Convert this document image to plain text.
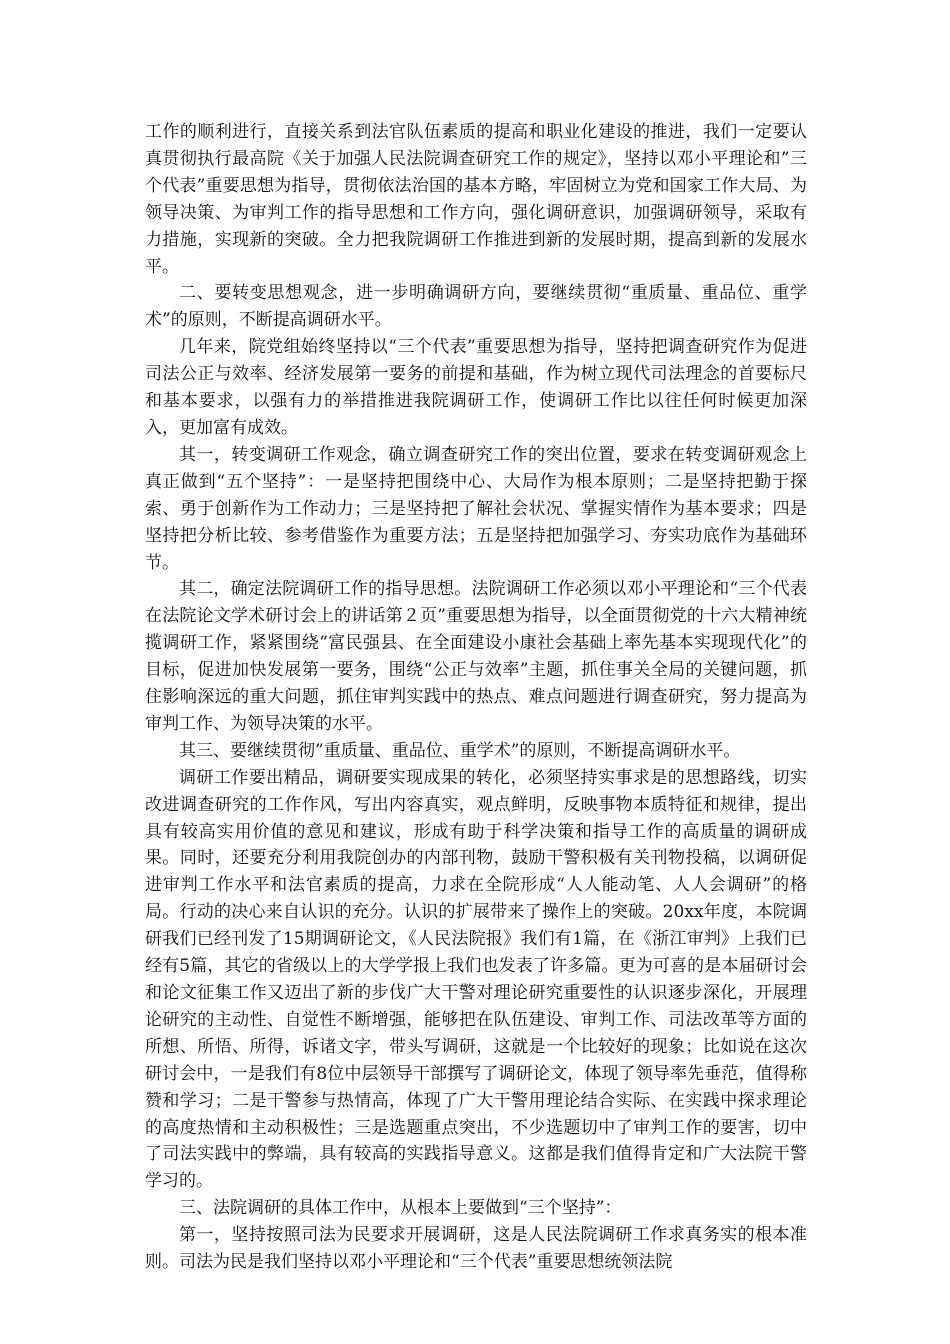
工作的顺利进行，直接关系到法官队伍素质的提高和职业化建设的推进，我们一定要认真贯彻执行最高院《关于加强人民法院调查研究工作的规定》，坚持以邓小平理论和”三个代表”重要思想为指导，贯彻依法治国的基本方略，牢固树立为党和国家工作大局、为领导决策、为审判工作的指导思想和工作方向，强化调研意识，加强调研领导，采取有力措施，实现新的突破。全力把我院调研工作推进到新的发展时期，提高到新的发展水平。

二、要转变思想观念，进一步明确调研方向，要继续贯彻“重质量、重品位、重学术”的原则，不断提高调研水平。

几年来，院党组始终坚持以“三个代表”重要思想为指导，坚持把调查研究作为促进司法公正与效率、经济发展第一要务的前提和基础，作为树立现代司法理念的首要标尺和基本要求，以强有力的举措推进我院调研工作，使调研工作比以往任何时候更加深入，更加富有成效。

其一，转变调研工作观念，确立调查研究工作的突出位置，要求在转变调研观念上真正做到“五个坚持”：一是坚持把围绕中心、大局作为根本原则；二是坚持把勤于探索、勇于创新作为工作动力；三是坚持把了解社会状况、掌握实情作为基本要求；四是坚持把分析比较、参考借鉴作为重要方法；五是坚持把加强学习、夯实功底作为基础环节。

其二，确定法院调研工作的指导思想。法院调研工作必须以邓小平理论和“三个代表在法院论文学术研讨会上的讲话第２页”重要思想为指导，以全面贯彻党的十六大精神统揽调研工作，紧紧围绕“富民强县、在全面建设小康社会基础上率先基本实现现代化”的目标，促进加快发展第一要务，围绕“公正与效率”主题，抓住事关全局的关键问题，抓住影响深远的重大问题，抓住审判实践中的热点、难点问题进行调查研究，努力提高为审判工作、为领导决策的水平。

其三、要继续贯彻”重质量、重品位、重学术”的原则，不断提高调研水平。

调研工作要出精品，调研要实现成果的转化，必须坚持实事求是的思想路线，切实改进调查研究的工作作风，写出内容真实，观点鲜明，反映事物本质特征和规律，提出具有较高实用价值的意见和建议，形成有助于科学决策和指导工作的高质量的调研成果。同时，还要充分利用我院创办的内部刊物，鼓励干警积极有关刊物投稿，以调研促进审判工作水平和法官素质的提高，力求在全院形成“人人能动笔、人人会调研”的格局。行动的决心来自认识的充分。认识的扩展带来了操作上的突破。20xx年度，本院调研我们已经刊发了15期调研论文，《人民法院报》我们有1篇，在《浙江审判》上我们已经有5篇，其它的省级以上的大学学报上我们也发表了许多篇。更为可喜的是本届研讨会和论文征集工作又迈出了新的步伐广大干警对理论研究重要性的认识逐步深化，开展理论研究的主动性、自觉性不断增强，能够把在队伍建设、审判工作、司法改革等方面的所想、所悟、所得，诉诸文字，带头写调研，这就是一个比较好的现象；比如说在这次研讨会中，一是我们有8位中层领导干部撰写了调研论文，体现了领导率先垂范，值得称赞和学习；二是干警参与热情高，体现了广大干警用理论结合实际、在实践中探求理论的高度热情和主动积极性；三是选题重点突出，不少选题切中了审判工作的要害，切中了司法实践中的弊端，具有较高的实践指导意义。这都是我们值得肯定和广大法院干警学习的。

三、法院调研的具体工作中，从根本上要做到“三个坚持”：

第一，坚持按照司法为民要求开展调研，这是人民法院调研工作求真务实的根本准则。司法为民是我们坚持以邓小平理论和“三个代表”重要思想统领法院
